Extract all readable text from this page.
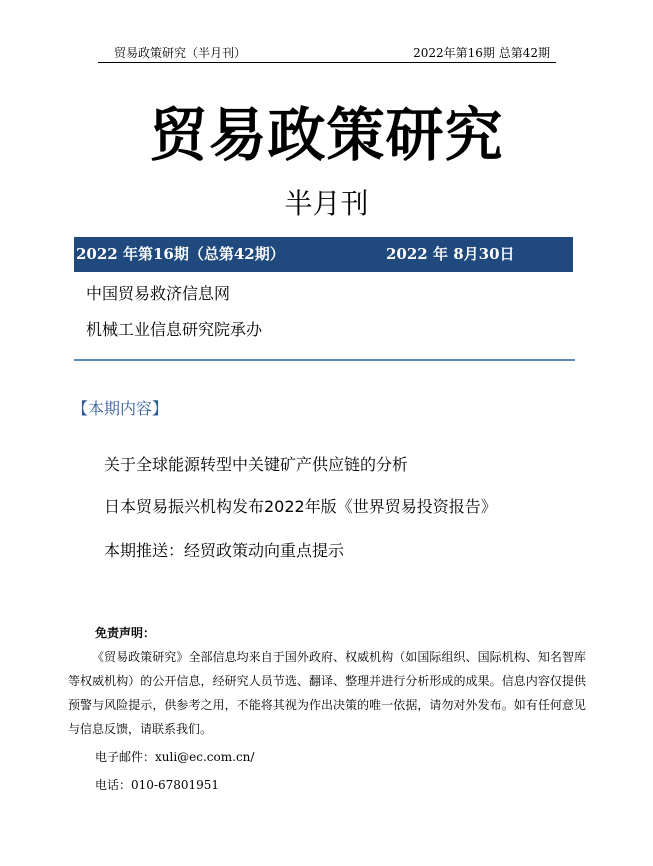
贸易政策研究（半月刊）	2022年第16期 总第42期
贸易政策研究
半月刊
2022 年第16期（总第42期）	2022 年 8月30日
中国贸易救济信息网
机械工业信息研究院承办
【本期内容】
关于全球能源转型中关键矿产供应链的分析
日本贸易振兴机构发布2022年版《世界贸易投资报告》
本期推送：经贸政策动向重点提示
免责声明：
《贸易政策研究》全部信息均来自于国外政府、权威机构（如国际组织、国际机构、知名智库等权威机构）的公开信息，经研究人员节选、翻译、整理并进行分析形成的成果。信息内容仅提供预警与风险提示，供参考之用，不能将其视为作出决策的唯一依据，请勿对外发布。如有任何意见与信息反馈，请联系我们。
电子邮件：xuli@ec.com.cn/
电话：010-67801951
